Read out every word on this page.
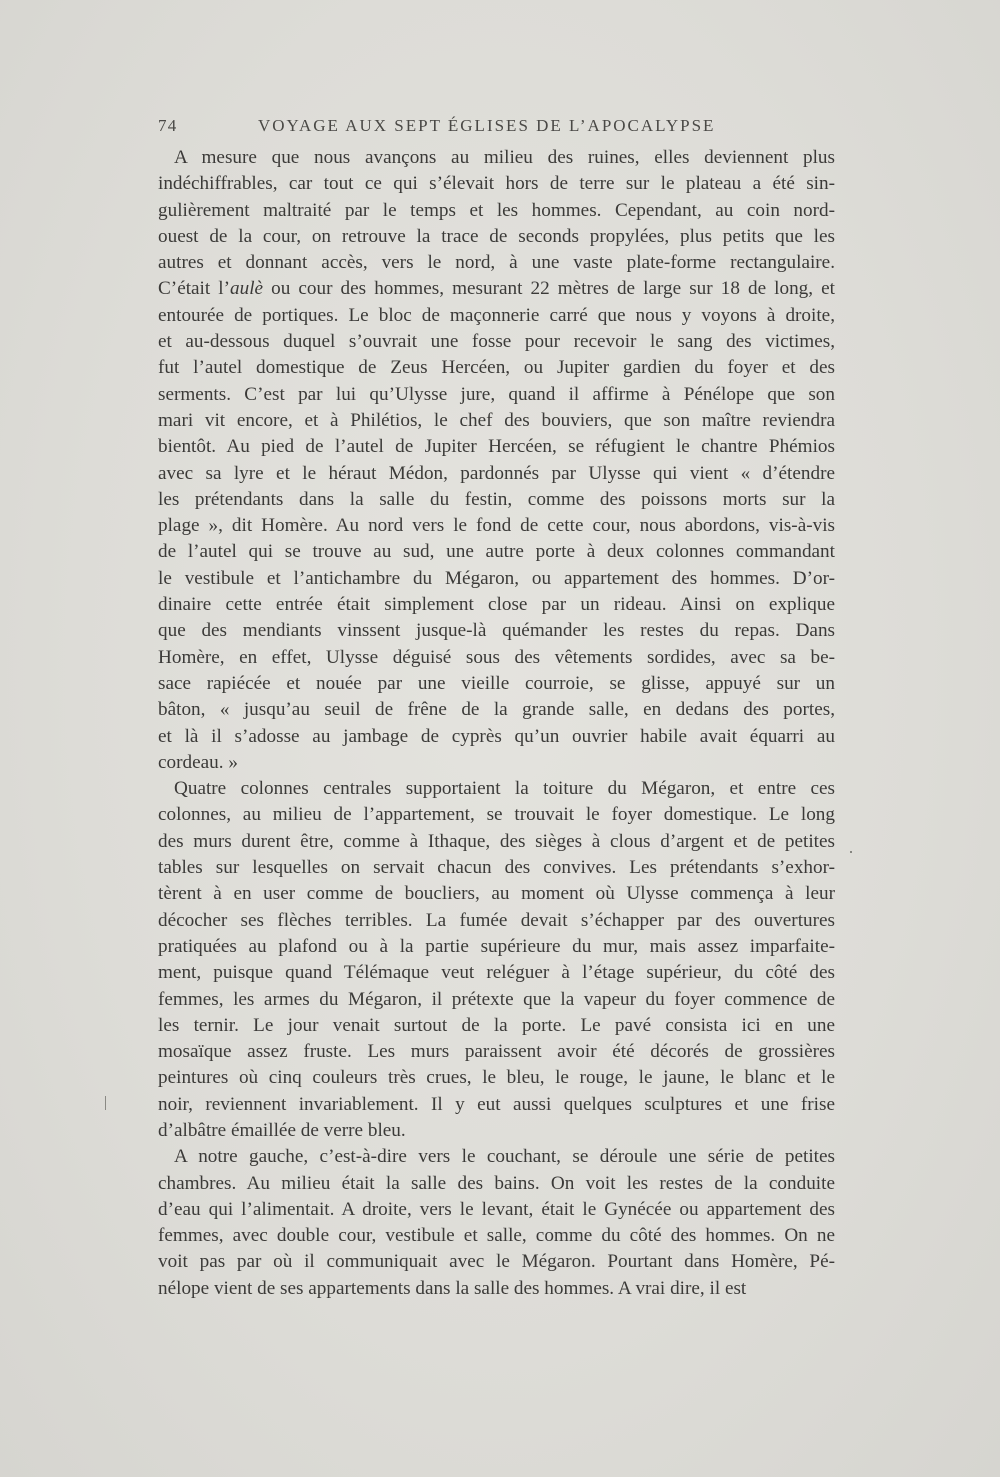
74	VOYAGE AUX SEPT ÉGLISES DE L’APOCALYPSE
A mesure que nous avançons au milieu des ruines, elles deviennent plus
indéchiffrables, car tout ce qui s’élevait hors de terre sur le plateau a été sin-
gulièrement maltraité par le temps et les hommes. Cependant, au coin nord-
ouest de la cour, on retrouve la trace de seconds propylées, plus petits que les
autres et donnant accès, vers le nord, à une vaste plate-forme rectangulaire.
C’était l’aulè ou cour des hommes, mesurant 22 mètres de large sur 18 de long, et
entourée de portiques. Le bloc de maçonnerie carré que nous y voyons à droite,
et au-dessous duquel s’ouvrait une fosse pour recevoir le sang des victimes,
fut l’autel domestique de Zeus Hercéen, ou Jupiter gardien du foyer et des
serments. C’est par lui qu’Ulysse jure, quand il affirme à Pénélope que son
mari vit encore, et à Philétios, le chef des bouviers, que son maître reviendra
bientôt. Au pied de l’autel de Jupiter Hercéen, se réfugient le chantre Phémios
avec sa lyre et le héraut Médon, pardonnés par Ulysse qui vient « d’étendre
les prétendants dans la salle du festin, comme des poissons morts sur la
plage », dit Homère. Au nord vers le fond de cette cour, nous abordons, vis-à-vis
de l’autel qui se trouve au sud, une autre porte à deux colonnes commandant
le vestibule et l’antichambre du Mégaron, ou appartement des hommes. D’or-
dinaire cette entrée était simplement close par un rideau. Ainsi on explique
que des mendiants vinssent jusque-là quémander les restes du repas. Dans
Homère, en effet, Ulysse déguisé sous des vêtements sordides, avec sa be-
sace rapiécée et nouée par une vieille courroie, se glisse, appuyé sur un
bâton, « jusqu’au seuil de frêne de la grande salle, en dedans des portes,
et là il s’adosse au jambage de cyprès qu’un ouvrier habile avait équarri au
cordeau. »
Quatre colonnes centrales supportaient la toiture du Mégaron, et entre ces
colonnes, au milieu de l’appartement, se trouvait le foyer domestique. Le long
des murs durent être, comme à Ithaque, des sièges à clous d’argent et de petites
tables sur lesquelles on servait chacun des convives. Les prétendants s’exhor-
tèrent à en user comme de boucliers, au moment où Ulysse commença à leur
décocher ses flèches terribles. La fumée devait s’échapper par des ouvertures
pratiquées au plafond ou à la partie supérieure du mur, mais assez imparfaite-
ment, puisque quand Télémaque veut reléguer à l’étage supérieur, du côté des
femmes, les armes du Mégaron, il prétexte que la vapeur du foyer commence de
les ternir. Le jour venait surtout de la porte. Le pavé consista ici en une
mosaïque assez fruste. Les murs paraissent avoir été décorés de grossières
peintures où cinq couleurs très crues, le bleu, le rouge, le jaune, le blanc et le
noir, reviennent invariablement. Il y eut aussi quelques sculptures et une frise
d’albâtre émaillée de verre bleu.
A notre gauche, c’est-à-dire vers le couchant, se déroule une série de petites
chambres. Au milieu était la salle des bains. On voit les restes de la conduite
d’eau qui l’alimentait. A droite, vers le levant, était le Gynécée ou appartement des
femmes, avec double cour, vestibule et salle, comme du côté des hommes. On ne
voit pas par où il communiquait avec le Mégaron. Pourtant dans Homère, Pé-
nélope vient de ses appartements dans la salle des hommes. A vrai dire, il est
